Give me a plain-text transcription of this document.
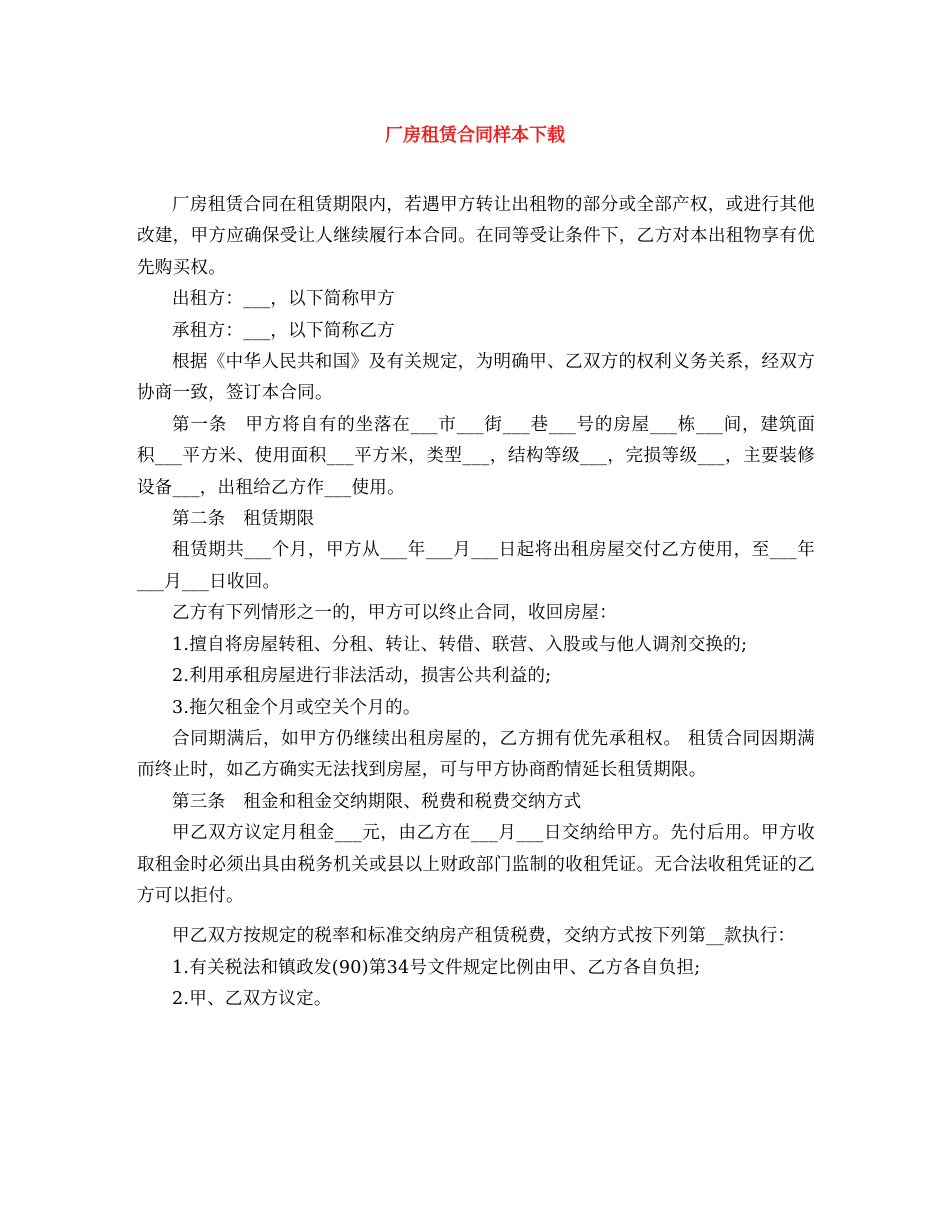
厂房租赁合同样本下载

厂房租赁合同在租赁期限内，若遇甲方转让出租物的部分或全部产权，或进行其他改建，甲方应确保受让人继续履行本合同。在同等受让条件下，乙方对本出租物享有优先购买权。

出租方：___，以下简称甲方

承租方：___，以下简称乙方

根据《中华人民共和国》及有关规定，为明确甲、乙双方的权利义务关系，经双方协商一致，签订本合同。

第一条　甲方将自有的坐落在___市___街___巷___号的房屋___栋___间，建筑面积___平方米、使用面积___平方米，类型___，结构等级___，完损等级___，主要装修设备___，出租给乙方作___使用。

第二条　租赁期限

租赁期共___个月，甲方从___年___月___日起将出租房屋交付乙方使用，至___年___月___日收回。

乙方有下列情形之一的，甲方可以终止合同，收回房屋：

1.擅自将房屋转租、分租、转让、转借、联营、入股或与他人调剂交换的;

2.利用承租房屋进行非法活动，损害公共利益的;

3.拖欠租金个月或空关个月的。

合同期满后，如甲方仍继续出租房屋的，乙方拥有优先承租权。 租赁合同因期满而终止时，如乙方确实无法找到房屋，可与甲方协商酌情延长租赁期限。

第三条　租金和租金交纳期限、税费和税费交纳方式

甲乙双方议定月租金___元，由乙方在___月___日交纳给甲方。先付后用。甲方收取租金时必须出具由税务机关或县以上财政部门监制的收租凭证。无合法收租凭证的乙方可以拒付。

甲乙双方按规定的税率和标准交纳房产租赁税费，交纳方式按下列第__款执行：

1.有关税法和镇政发(90)第34号文件规定比例由甲、乙方各自负担;

2.甲、乙双方议定。
